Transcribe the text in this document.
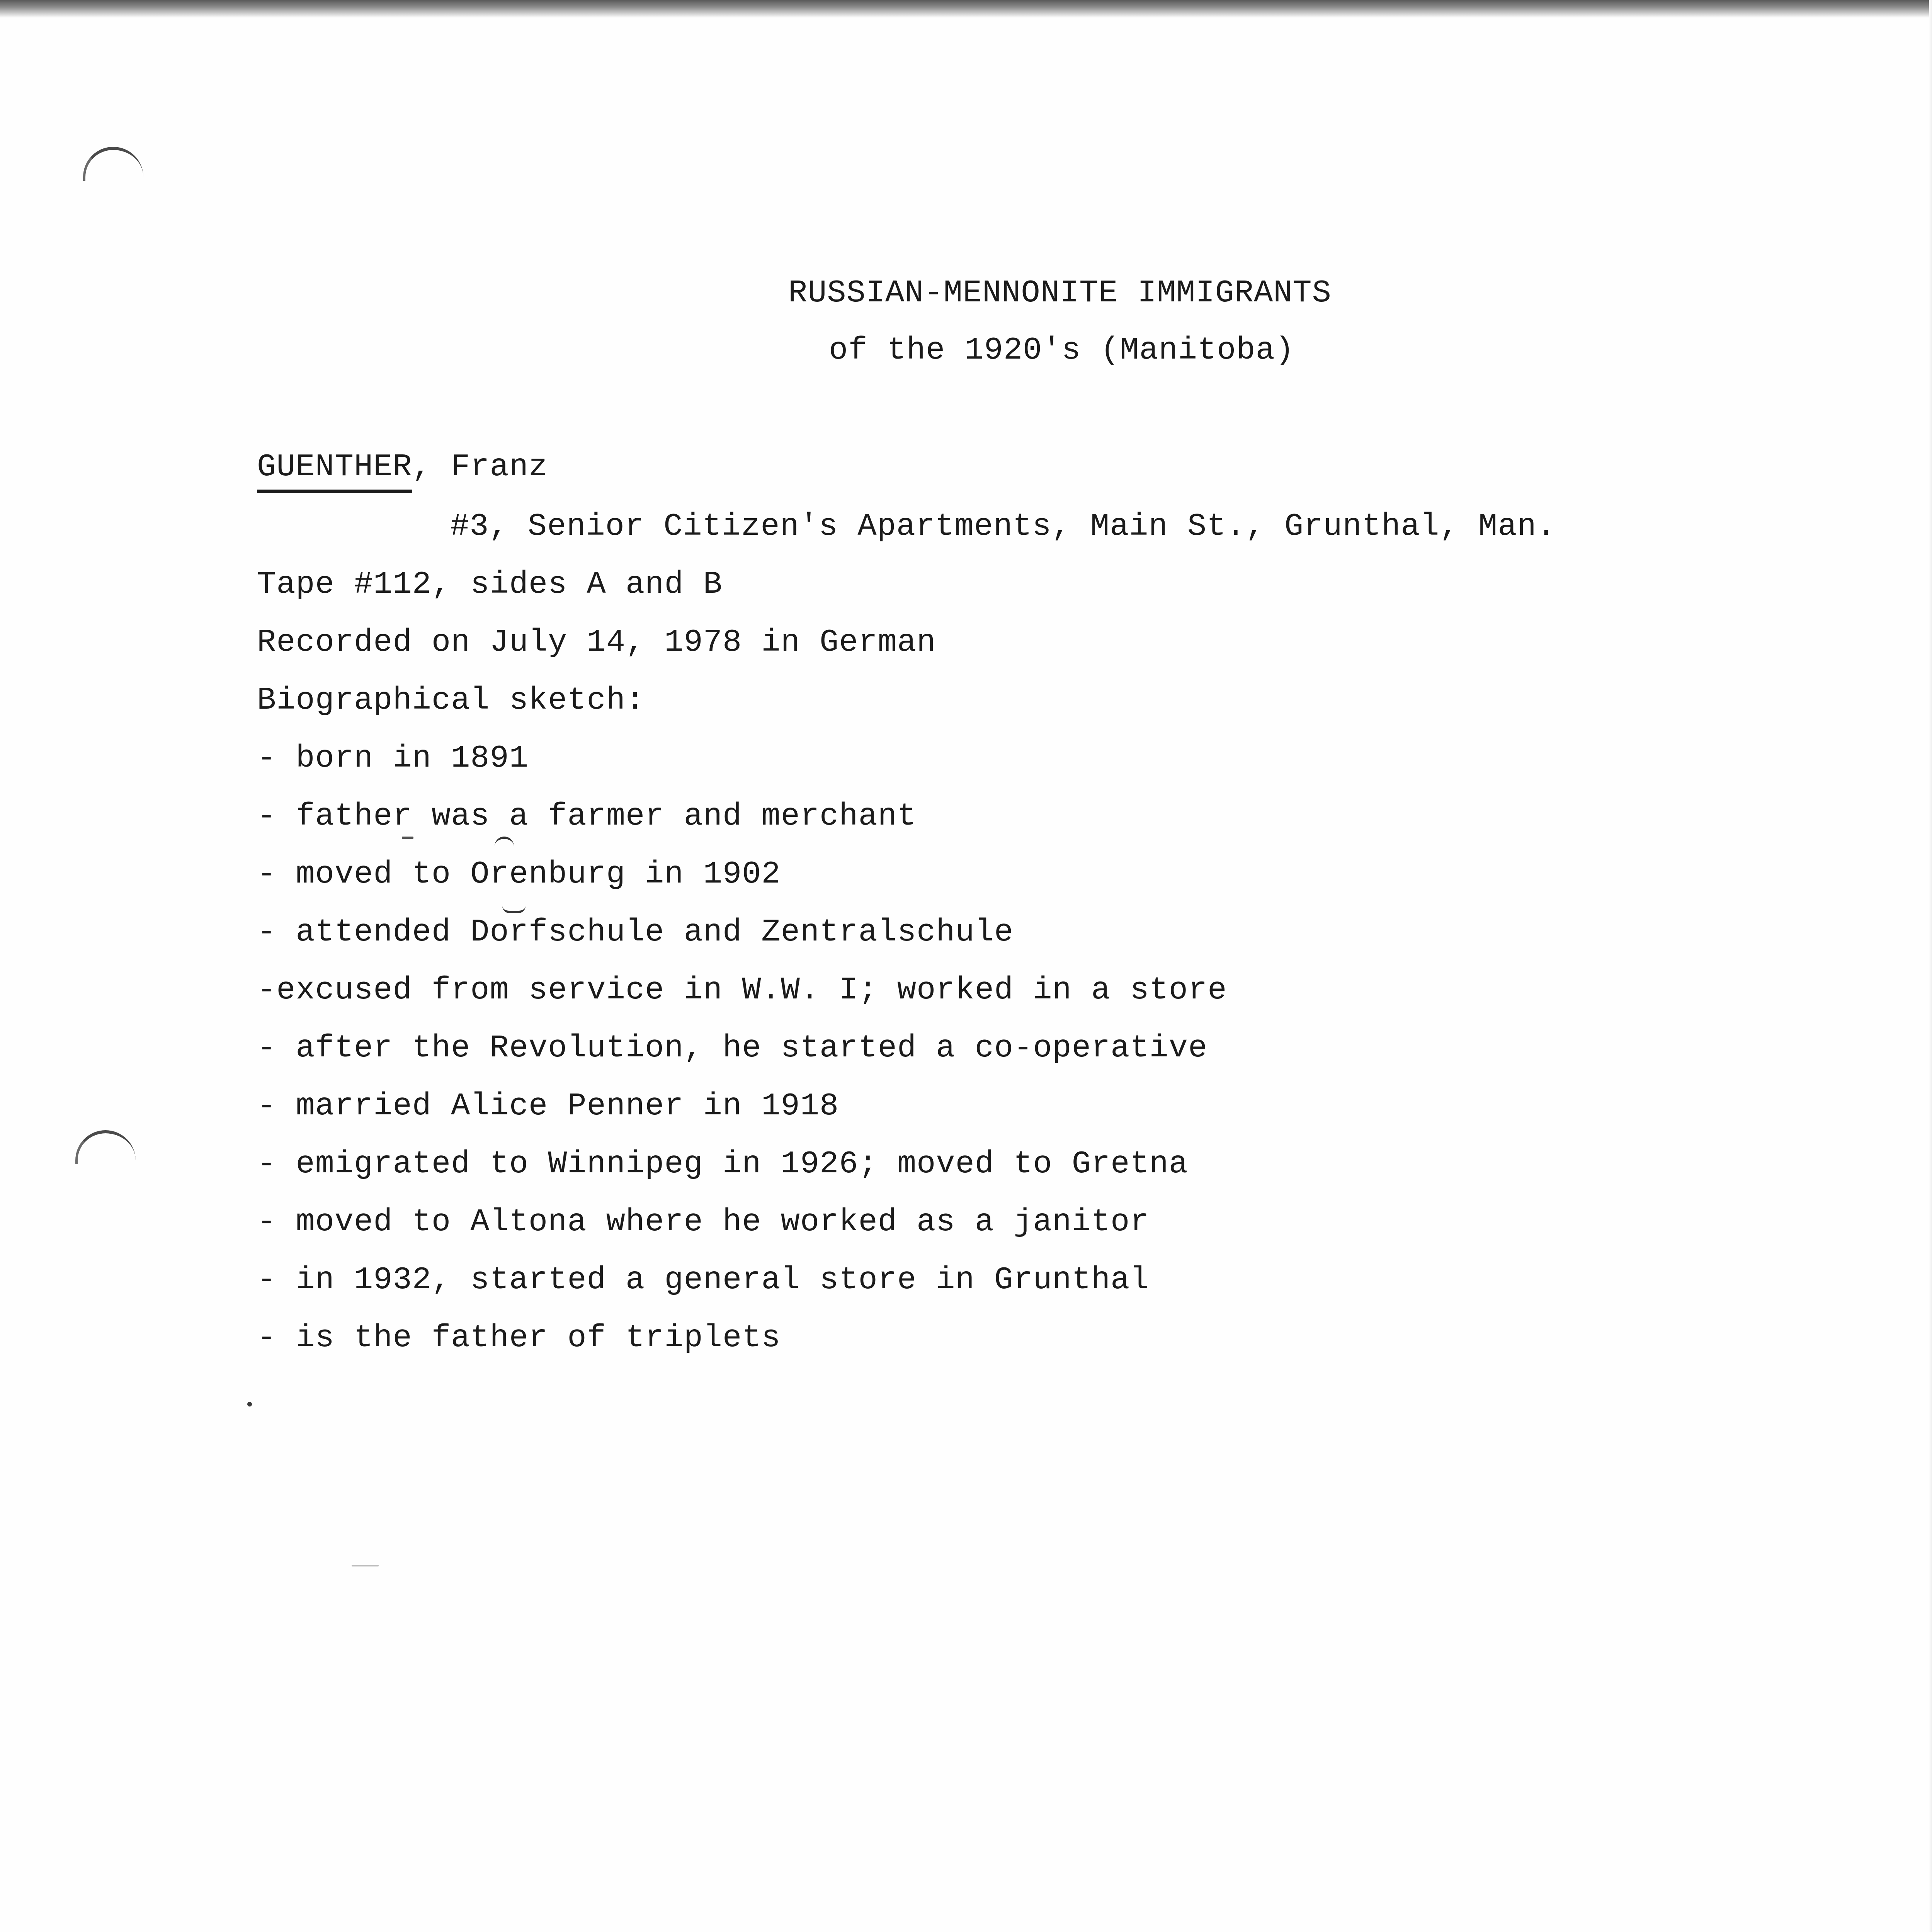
RUSSIAN-MENNONITE IMMIGRANTS
of the 1920's (Manitoba)
GUENTHER, Franz
#3, Senior Citizen's Apartments, Main St., Grunthal, Man.
Tape #112, sides A and B
Recorded on July 14, 1978 in German
Biographical sketch:
- born in 1891
- father was a farmer and merchant
- moved to Orenburg in 1902
- attended Dorfschule and Zentralschule
-excused from service in W.W. I; worked in a store
- after the Revolution, he started a co-operative
- married Alice Penner in 1918
- emigrated to Winnipeg in 1926; moved to Gretna
- moved to Altona where he worked as a janitor
- in 1932, started a general store in Grunthal
- is the father of triplets
